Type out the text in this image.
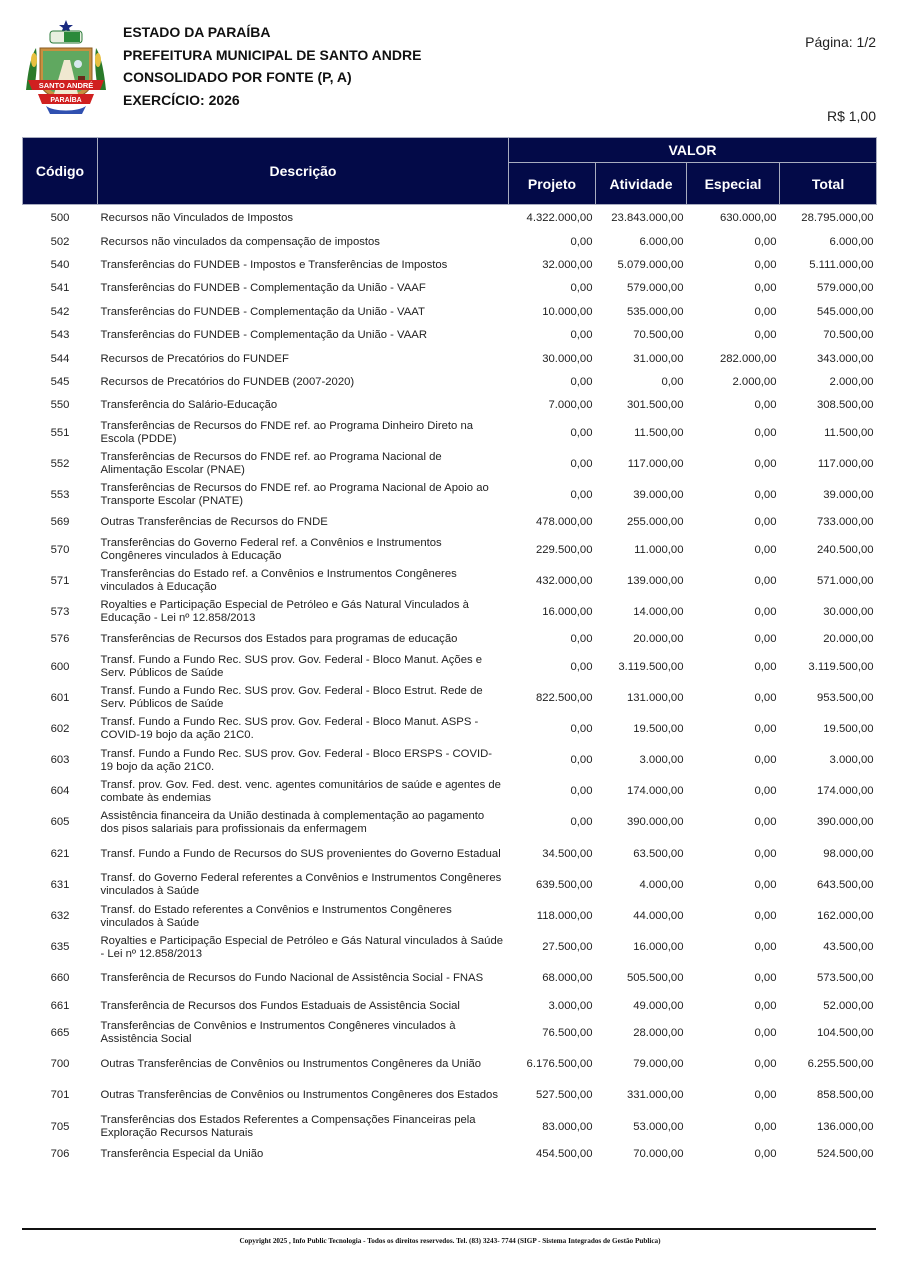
SANTO ANDRÉ
PARAÍBA
ESTADO DA PARAÍBA
PREFEITURA MUNICIPAL DE SANTO ANDRE
CONSOLIDADO POR FONTE (P, A)
EXERCÍCIO: 2026
Página: 1/2
R$ 1,00
Código	Descrição	VALOR			
		Projeto	Atividade	Especial	Total
500	Recursos não Vinculados de Impostos	4.322.000,00	23.843.000,00	630.000,00	28.795.000,00
502	Recursos não vinculados da compensação de impostos	0,00	6.000,00	0,00	6.000,00
540	Transferências do FUNDEB - Impostos e Transferências de Impostos	32.000,00	5.079.000,00	0,00	5.111.000,00
541	Transferências do FUNDEB - Complementação da União - VAAF	0,00	579.000,00	0,00	579.000,00
542	Transferências do FUNDEB - Complementação da União - VAAT	10.000,00	535.000,00	0,00	545.000,00
543	Transferências do FUNDEB - Complementação da União - VAAR	0,00	70.500,00	0,00	70.500,00
544	Recursos de Precatórios do FUNDEF	30.000,00	31.000,00	282.000,00	343.000,00
545	Recursos de Precatórios do FUNDEB (2007-2020)	0,00	0,00	2.000,00	2.000,00
550	Transferência do Salário-Educação	7.000,00	301.500,00	0,00	308.500,00
551	Transferências de Recursos do FNDE ref. ao Programa Dinheiro Direto na Escola (PDDE)	0,00	11.500,00	0,00	11.500,00
552	Transferências de Recursos do FNDE ref. ao Programa Nacional de Alimentação Escolar (PNAE)	0,00	117.000,00	0,00	117.000,00
553	Transferências de Recursos do FNDE ref. ao Programa Nacional de Apoio ao Transporte Escolar (PNATE)	0,00	39.000,00	0,00	39.000,00
569	Outras Transferências de Recursos do FNDE	478.000,00	255.000,00	0,00	733.000,00
570	Transferências do Governo Federal ref. a Convênios e Instrumentos Congêneres vinculados à Educação	229.500,00	11.000,00	0,00	240.500,00
571	Transferências do Estado ref. a Convênios e Instrumentos Congêneres vinculados à Educação	432.000,00	139.000,00	0,00	571.000,00
573	Royalties e Participação Especial de Petróleo e Gás Natural Vinculados à Educação - Lei nº 12.858/2013	16.000,00	14.000,00	0,00	30.000,00
576	Transferências de Recursos dos Estados para programas de educação	0,00	20.000,00	0,00	20.000,00
600	Transf. Fundo a Fundo Rec. SUS prov. Gov. Federal - Bloco Manut. Ações e Serv. Públicos de Saúde	0,00	3.119.500,00	0,00	3.119.500,00
601	Transf. Fundo a Fundo Rec. SUS prov. Gov. Federal - Bloco Estrut. Rede de Serv. Públicos de Saúde	822.500,00	131.000,00	0,00	953.500,00
602	Transf. Fundo a Fundo Rec. SUS prov. Gov. Federal - Bloco Manut. ASPS - COVID-19 bojo da ação 21C0.	0,00	19.500,00	0,00	19.500,00
603	Transf. Fundo a Fundo Rec. SUS prov. Gov. Federal - Bloco ERSPS - COVID-19 bojo da ação 21C0.	0,00	3.000,00	0,00	3.000,00
604	Transf. prov. Gov. Fed. dest. venc. agentes comunitários de saúde e agentes de combate às endemias	0,00	174.000,00	0,00	174.000,00
605	Assistência financeira da União destinada à complementação ao pagamento dos pisos salariais para profissionais da enfermagem	0,00	390.000,00	0,00	390.000,00
621	Transf. Fundo a Fundo de Recursos do SUS provenientes do Governo Estadual	34.500,00	63.500,00	0,00	98.000,00
631	Transf. do Governo Federal referentes a Convênios e Instrumentos Congêneres vinculados à Saúde	639.500,00	4.000,00	0,00	643.500,00
632	Transf. do Estado referentes a Convênios e Instrumentos Congêneres vinculados à Saúde	118.000,00	44.000,00	0,00	162.000,00
635	Royalties e Participação Especial de Petróleo e Gás Natural vinculados à Saúde - Lei nº 12.858/2013	27.500,00	16.000,00	0,00	43.500,00
660	Transferência de Recursos do Fundo Nacional de Assistência Social - FNAS	68.000,00	505.500,00	0,00	573.500,00
661	Transferência de Recursos dos Fundos Estaduais de Assistência Social	3.000,00	49.000,00	0,00	52.000,00
665	Transferências de Convênios e Instrumentos Congêneres vinculados à Assistência Social	76.500,00	28.000,00	0,00	104.500,00
700	Outras Transferências de Convênios ou Instrumentos Congêneres da União	6.176.500,00	79.000,00	0,00	6.255.500,00
701	Outras Transferências de Convênios ou Instrumentos Congêneres dos Estados	527.500,00	331.000,00	0,00	858.500,00
705	Transferências dos Estados Referentes a Compensações Financeiras pela Exploração Recursos Naturais	83.000,00	53.000,00	0,00	136.000,00
706	Transferência Especial da União	454.500,00	70.000,00	0,00	524.500,00
Copyright 2025 , Info Public Tecnologia - Todos os direitos reservedos. Tel. (83) 3243- 7744 (SIGP - Sistema Integrados de Gestão Publica)
